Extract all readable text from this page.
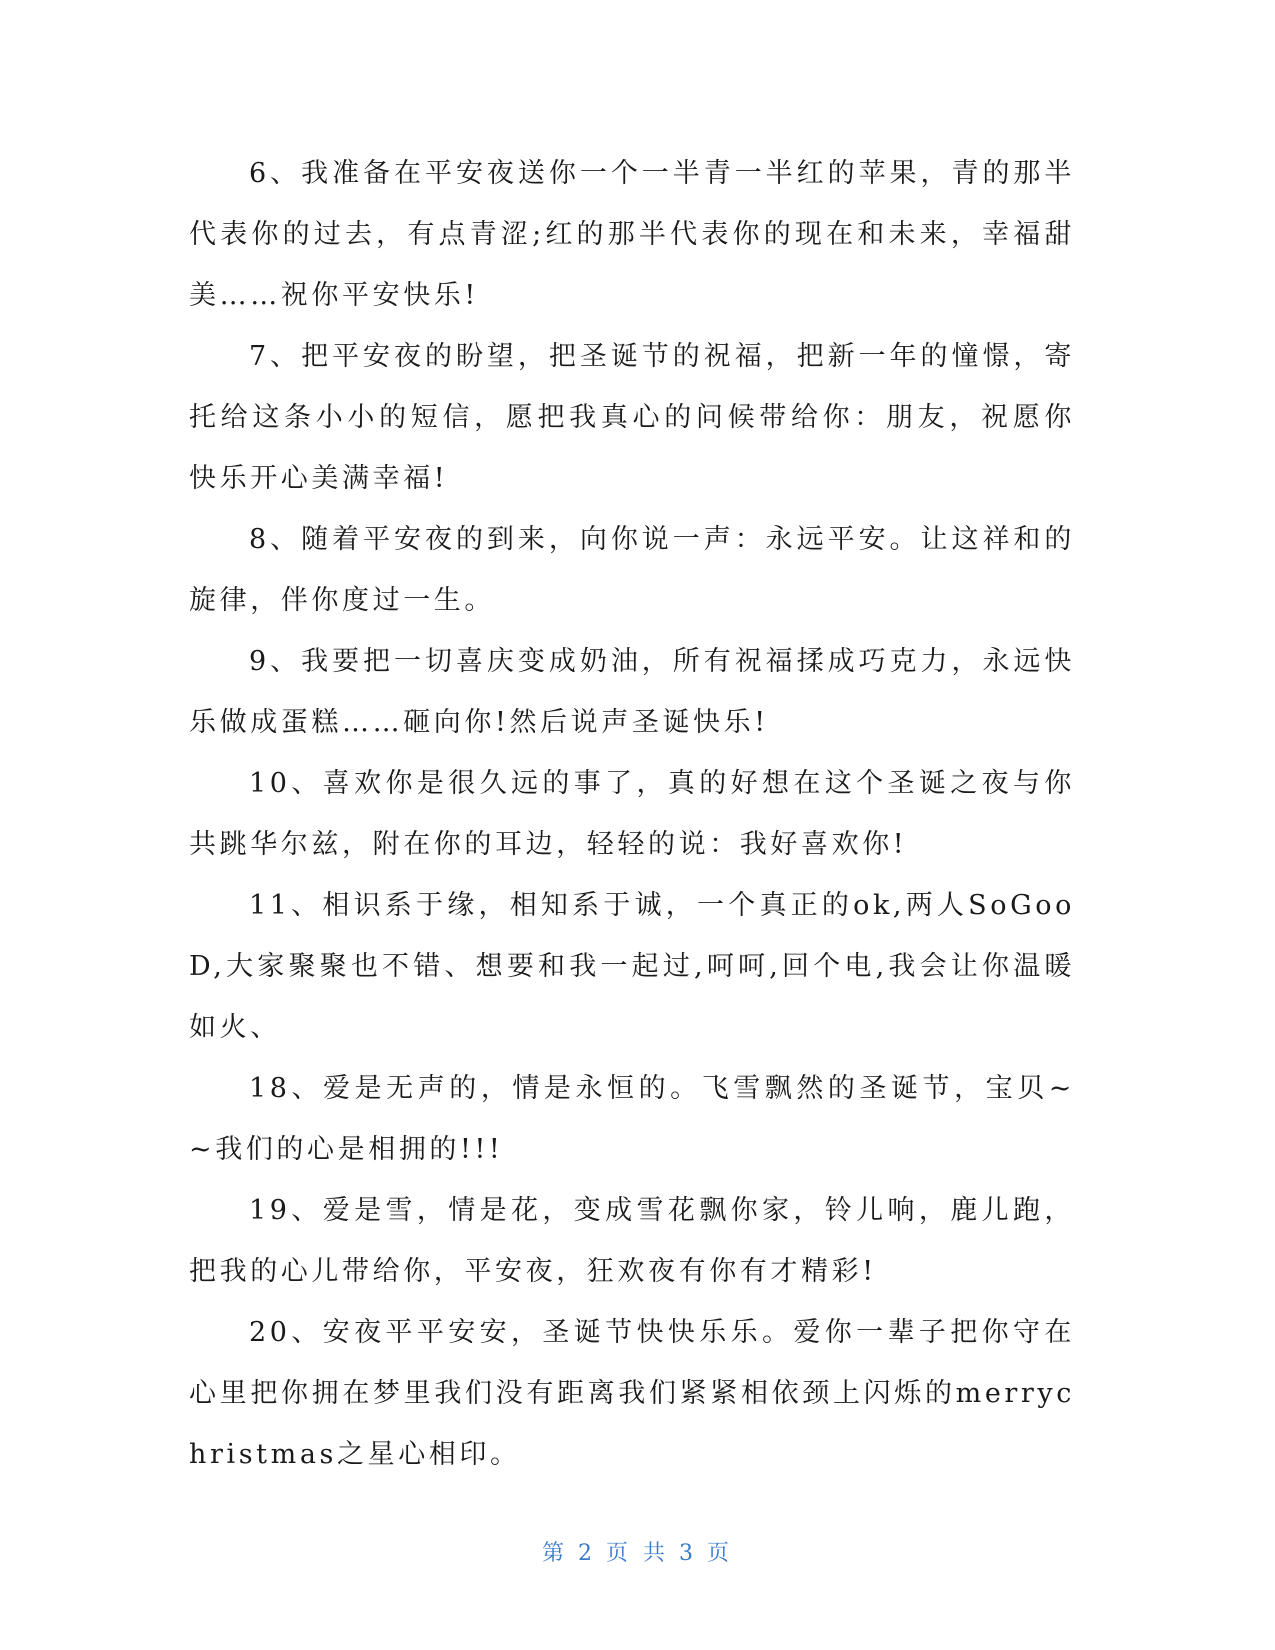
6、我准备在平安夜送你一个一半青一半红的苹果，青的那半代表你的过去，有点青涩;红的那半代表你的现在和未来，幸福甜美……祝你平安快乐!

7、把平安夜的盼望，把圣诞节的祝福，把新一年的憧憬，寄托给这条小小的短信，愿把我真心的问候带给你：朋友，祝愿你快乐开心美满幸福!

8、随着平安夜的到来，向你说一声：永远平安。让这祥和的旋律，伴你度过一生。

9、我要把一切喜庆变成奶油，所有祝福揉成巧克力，永远快乐做成蛋糕……砸向你!然后说声圣诞快乐!

10、喜欢你是很久远的事了，真的好想在这个圣诞之夜与你共跳华尔兹，附在你的耳边，轻轻的说：我好喜欢你!

11、相识系于缘，相知系于诚，一个真正的ok,两人SoGooD,大家聚聚也不错、想要和我一起过,呵呵,回个电,我会让你温暖如火、

18、爱是无声的，情是永恒的。飞雪飘然的圣诞节，宝贝~~我们的心是相拥的!!!

19、爱是雪，情是花，变成雪花飘你家，铃儿响，鹿儿跑，把我的心儿带给你，平安夜，狂欢夜有你有才精彩!

20、安夜平平安安，圣诞节快快乐乐。爱你一辈子把你守在心里把你拥在梦里我们没有距离我们紧紧相依颈上闪烁的merrychristmas之星心相印。

第 2 页 共 3 页
